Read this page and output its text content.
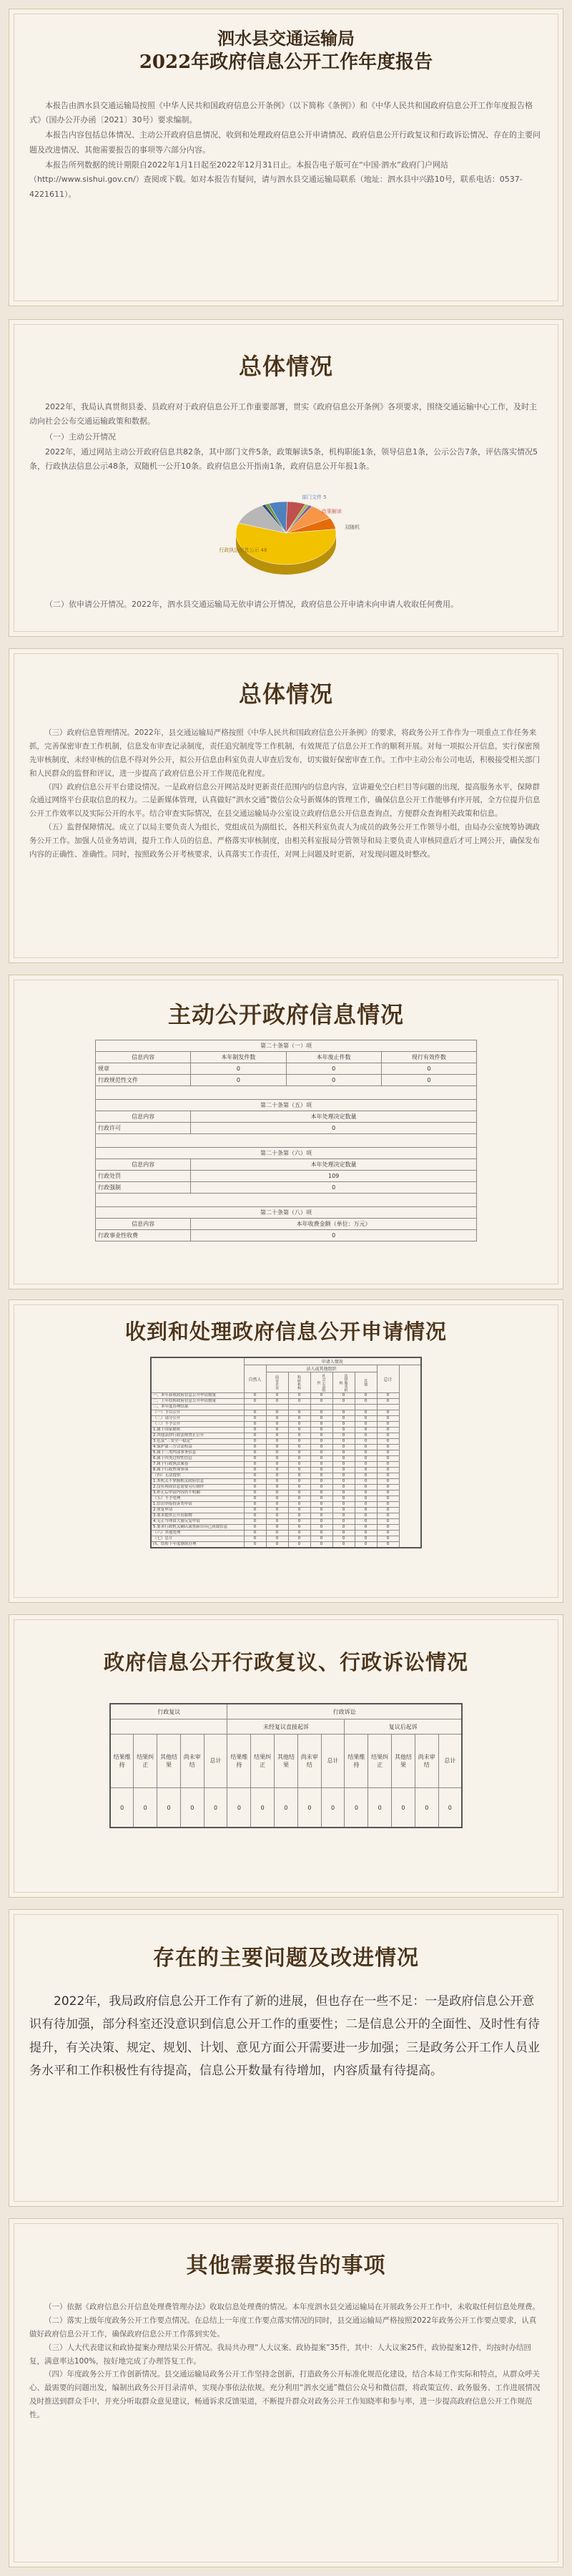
泗水县交通运输局
2022年政府信息公开工作年度报告

本报告由泗水县交通运输局按照《中华人民共和国政府信息公开条例》（以下简称《条例》）和《中华人民共和国政府信息公开工作年度报告格式》（国办公开办函〔2021〕30号）要求编制。

本报告内容包括总体情况、主动公开政府信息情况、收到和处理政府信息公开申请情况、政府信息公开行政复议和行政诉讼情况、存在的主要问题及改进情况、其他需要报告的事项等六部分内容。

本报告所列数据的统计期限自2022年1月1日起至2022年12月31日止。本报告电子版可在“中国·泗水”政府门户网站（http://www.sishui.gov.cn/）查阅或下载。如对本报告有疑问，请与泗水县交通运输局联系（地址：泗水县中兴路10号，联系电话：0537-4221611）。

总体情况

2022年，我局认真贯彻县委、县政府对于政府信息公开工作重要部署，贯实《政府信息公开条例》各项要求，围绕交通运输中心工作，及时主动向社会公布交通运输政策和数据。

（一）主动公开情况

2022年，通过网站主动公开政府信息共82条，其中部门文件5条，政策解读5条，机构职能1条，领导信息1条，公示公告7条，评估落实情况5条，行政执法信息公示48条，双随机一公开10条。政府信息公开指南1条，政府信息公开年报1条。

部门文件 5
政策解读
双随机
行政执法信息公示 48

（二）依申请公开情况。2022年，泗水县交通运输局无依申请公开情况，政府信息公开申请未向申请人收取任何费用。

总体情况

（三）政府信息管理情况。2022年，县交通运输局严格按照《中华人民共和国政府信息公开条例》的要求，将政务公开工作作为一项重点工作任务来抓，完善保密审查工作机制，信息发布审查记录制度，责任追究制度等工作机制，有效规范了信息公开工作的顺利开展。对每一项拟公开信息，实行保密预先审核制度，未经审核的信息不得对外公开，拟公开信息由科室负责人审查后发布，切实做好保密审查工作。工作中主动公布公司电话，积极接受相关部门和人民群众的监督和评议，进一步提高了政府信息公开工作规范化程度。

（四）政府信息公开平台建设情况。一是政府信息公开网站及时更新责任范围内的信息内容，宣讲避免空白栏目等问题的出现，提高服务水平，保障群众通过网络平台获取信息的权力。二是新媒体管理，认真做好“泗水交通”微信公众号新媒体的管理工作，确保信息公开工作能够有序开展，全方位提升信息公开工作效率以及实际公开的水平。结合审查实际情况，在县交通运输局办公室设立政府信息公开信息查询点，方便群众查询相关政策和信息。

（五）监督保障情况。成立了以局主要负责人为组长，党组成员为副组长，各相关科室负责人为成员的政务公开工作领导小组，由局办公室统筹协调政务公开工作。加强人员业务培训，提升工作人员的信息、严格落实审核制度，由相关科室报局分管领导和局主要负责人审核同意后才可上网公开，确保发布内容的正确性、准确性。同时，按照政务公开考核要求，认真落实工作责任，对网上问题及时更新，对发现问题及时整改。

主动公开政府信息情况
第二十条第（一）项			
信息内容	本年制发件数	本年废止件数	现行有效件数
规章	0	0	0
行政规范性文件	0	0	0

第二十条第（五）项			
信息内容	本年处理决定数量		
行政许可	0		

第二十条第（六）项			
信息内容	本年处理决定数量		
行政处罚	109		
行政强制	0		

第二十条第（八）项			
信息内容	本年收费金额（单位：万元）		
行政事业性收费	0		
收到和处理政府信息公开申请情况
	申请人情况						
	自然人	法人或其他组织					总计
		商业企业	科研机构	社会公益组织	法律服务机构	其他	
一、本年新收政府信息公开申请数量	0	0	0	0	0	0	0
二、上年结转政府信息公开申请数量	0	0	0	0	0	0	0
三、本年度办理结果							
（一）予以公开	0	0	0	0	0	0	0
（二）部分公开	0	0	0	0	0	0	0
（三）不予公开	0	0	0	0	0	0	0
1.属于国家秘密	0	0	0	0	0	0	0
2.其他法律行政法规禁止公开	0	0	0	0	0	0	0
3.危及“三安全一稳定”	0	0	0	0	0	0	0
4.保护第三方合法权益	0	0	0	0	0	0	0
5.属于三类内部事务信息	0	0	0	0	0	0	0
6.属于四类过程性信息	0	0	0	0	0	0	0
7.属于行政执法案卷	0	0	0	0	0	0	0
8.属于行政查询事项	0	0	0	0	0	0	0
（四）无法提供	0	0	0	0	0	0	0
1.本机关不掌握相关政府信息	0	0	0	0	0	0	0
2.没有现成信息需要另行制作	0	0	0	0	0	0	0
3.补正后申请内容仍不明确	0	0	0	0	0	0	0
（五）不予处理	0	0	0	0	0	0	0
1.信访举报投诉类申请	0	0	0	0	0	0	0
2.重复申请	0	0	0	0	0	0	0
3.要求提供公开出版物	0	0	0	0	0	0	0
4.无正当理由大量反复申请	0	0	0	0	0	0	0
5.要求行政机关确认或重新出具已获取信息	0	0	0	0	0	0	0
（六）其他处理	0	0	0	0	0	0	0
（七）总计	0	0	0	0	0	0	0
四、结转下年度继续办理	0	0	0	0	0	0	0
政府信息公开行政复议、行政诉讼情况
行政复议					行政诉讼									
					未经复议直接起诉					复议后起诉				
结果维持	结果纠正	其他结果	尚未审结	总计	结果维持	结果纠正	其他结果	尚未审结	总计	结果维持	结果纠正	其他结果	尚未审结	总计
0	0	0	0	0	0	0	0	0	0	0	0	0	0	0
存在的主要问题及改进情况

2022年，我局政府信息公开工作有了新的进展，但也存在一些不足：一是政府信息公开意识有待加强，部分科室还没意识到信息公开工作的重要性；二是信息公开的全面性、及时性有待提升，有关决策、规定、规划、计划、意见方面公开需要进一步加强；三是政务公开工作人员业务水平和工作积极性有待提高，信息公开数量有待增加，内容质量有待提高。

其他需要报告的事项

（一）依据《政府信息公开信息处理费管理办法》收取信息处理费的情况。本年度泗水县交通运输局在开展政务公开工作中，未收取任何信息处理费。

（二）落实上级年度政务公开工作要点情况。在总结上一年度工作要点落实情况的同时，县交通运输局严格按照2022年政务公开工作要点要求，认真做好政府信息公开工作，确保政府信息公开工作落到实处。

（三）人大代表建议和政协提案办理结果公开情况。我局共办理“人大议案、政协提案”35件，其中：人大议案25件，政协提案12件，均按时办结回复，满意率达100%，按好地完成了办理答复工作。

（四）年度政务公开工作创新情况。县交通运输局政务公开工作坚持念创新，打造政务公开标准化规范化建设，结合本局工作实际和特点，从群众呼关心、最需要的问题出发，编制出政务公开目录清单，实现办事依法依规。充分利用“泗水交通”微信公众号和微信群，将政策宣传、政务服务、工作进展情况及时推送到群众手中，并充分听取群众意见建议，畅通诉求反馈渠道，不断提升群众对政务公开工作知晓率和参与率，进一步提高政府信息公开工作规范性。
